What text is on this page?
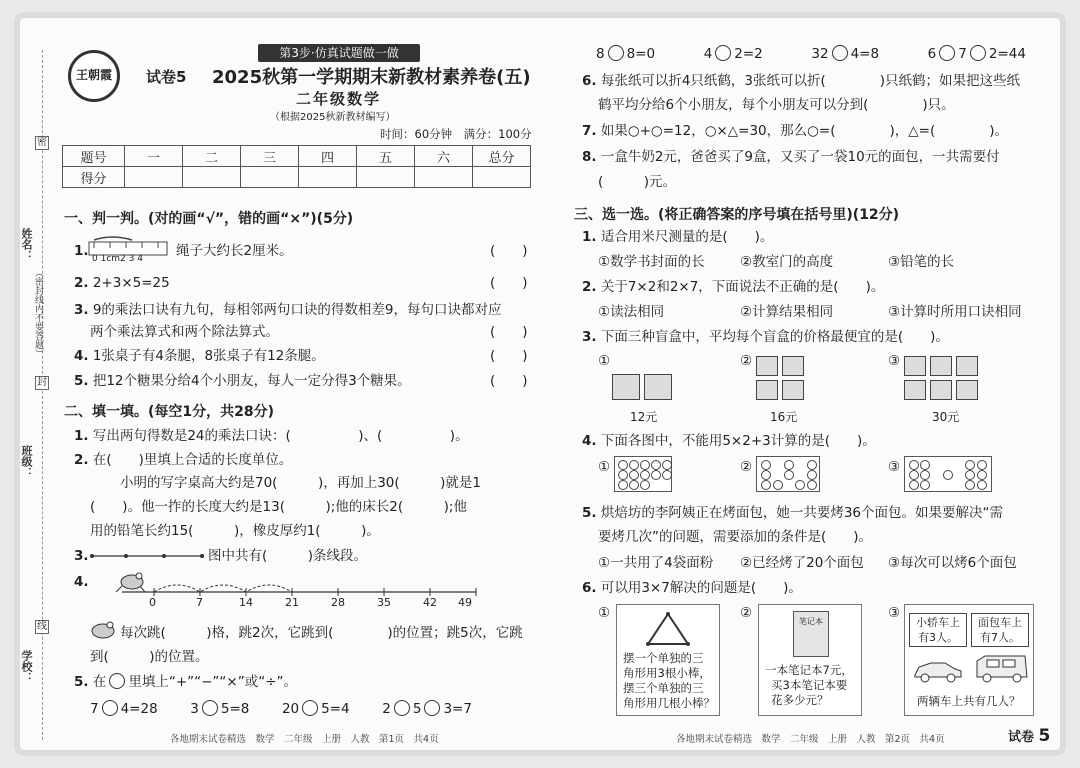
密
封
线
姓名：
（密封线内不要答题）
班级：
学校：
王朝霞
第3步·仿真试题做一做
试卷5 2025秋第一学期期末新教材素养卷(五)
二年级数学
（根据2025秋新教材编写）
时间：60分钟　满分：100分
题号	一	二	三	四	五	六	总分
得分							
一、判一判。(对的画“√”，错的画“×”)(5分)
1. 0 1cm2 3 4 绳子大约长2厘米。	(　　)
2. 2+3×5=25	(　　)
3. 9的乘法口诀有九句，每相邻两句口诀的得数相差9，每句口诀都对应
两个乘法算式和两个除法算式。	(　　)
4. 1张桌子有4条腿，8张桌子有12条腿。	(　　)
5. 把12个糖果分给4个小朋友，每人一定分得3个糖果。	(　　)
二、填一填。(每空1分，共28分)
1. 写出两句得数是24的乘法口诀：(　　　　　)、(　　　　　)。
2. 在(　　)里填上合适的长度单位。
小明的写字桌高大约是70(　　　)，再加上30(　　　)就是1
(　　)。他一拃的长度大约是13(　　　);他的床长2(　　　);他
用的铅笔长约15(　　　)，橡皮厚约1(　　　)。
3.	图中共有(　　　)条线段。
4.
0	7	14	21	28	35	42 49
每次跳(　　　)格，跳2次，它跳到(　　　　)的位置；跳5次，它跳
到(　　　)的位置。
5. 在 里填上“+”“−”“×”或“÷”。
7 4=28 3 5=8 20 5=4 2 5 3=7
各地期末试卷精选　数学　二年级　上册　人教　第1页　共4页
8 8=0	4 2=2	32 4=8	6 7 2=44
6. 每张纸可以折4只纸鹤，3张纸可以折(　　　　)只纸鹤；如果把这些纸
鹤平均分给6个小朋友，每个小朋友可以分到(　　　　)只。
7. 如果○+○=12，○×△=30，那么○=(　　　　)，△=(　　　　)。
8. 一盒牛奶2元，爸爸买了9盒，又买了一袋10元的面包，一共需要付
(　　　)元。
三、选一选。(将正确答案的序号填在括号里)(12分)
1. 适合用米尺测量的是(　　)。
①数学书封面的长	②教室门的高度	③铅笔的长
2. 关于7×2和2×7，下面说法不正确的是(　　)。
①读法相同	②计算结果相同	③计算时所用口诀相同
3. 下面三种盲盒中，平均每个盲盒的价格最便宜的是(　　)。
①	②	③
12元	16元	30元
4. 下面各图中，不能用5×2+3计算的是(　　)。
①	②	③
5. 烘焙坊的李阿姨正在烤面包，她一共要烤36个面包。如果要解决“需
要烤几次”的问题，需要添加的条件是(　　)。
①一共用了4袋面粉 ②已经烤了20个面包 ③每次可以烤6个面包
6. 可以用3×7解决的问题是(　　)。
①
摆一个单独的三
角形用3根小棒，
摆三个单独的三
角形用几根小棒？
②
笔记本
一本笔记本7元，
买3本笔记本要
花多少元？
③
小轿车上
有3人。
面包车上
有7人。
两辆车上共有几人？
各地期末试卷精选　数学　二年级　上册　人教　第2页　共4页	试卷 5
